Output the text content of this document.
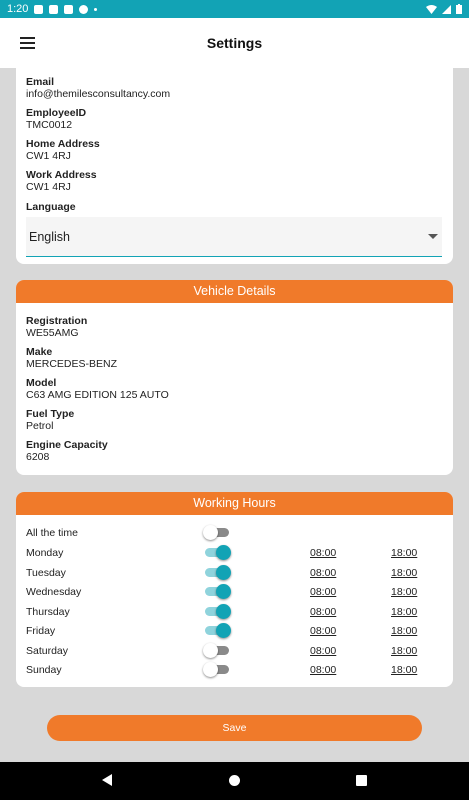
1:20
Settings
Email
info@themilesconsultancy.com
EmployeeID
TMC0012
Home Address
CW1 4RJ
Work Address
CW1 4RJ
Language
English
Vehicle Details
Registration
WE55AMG
Make
MERCEDES-BENZ
Model
C63 AMG EDITION 125 AUTO
Fuel Type
Petrol
Engine Capacity
6208
Working Hours
All the time
Monday	08:00	18:00
Tuesday	08:00	18:00
Wednesday	08:00	18:00
Thursday	08:00	18:00
Friday	08:00	18:00
Saturday	08:00	18:00
Sunday	08:00	18:00
Save
